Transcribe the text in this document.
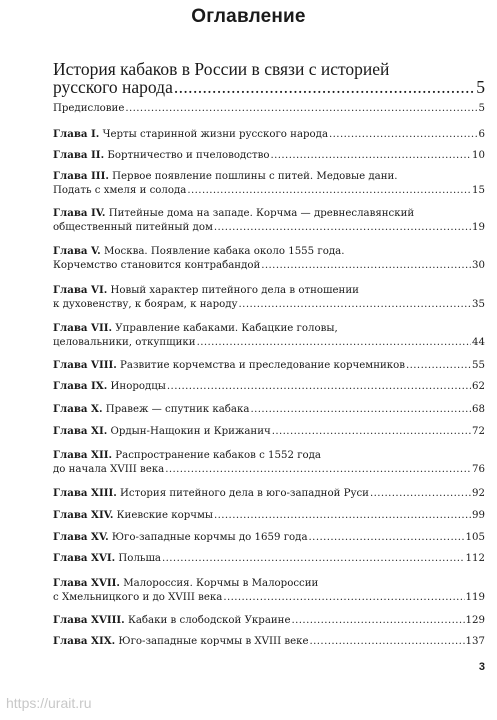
Оглавление
История кабаков в России в связи с историей
русского народа .....	5
Предисловие .....	5
Глава I.
Черты старинной жизни русского народа .....	6
Глава II.
Бортничество и пчеловодство .....	10
Глава III.
Первое появление пошлины с питей. Медовые дани.
Подать с хмеля и солода .....	15
Глава IV.
Питейные дома на западе. Корчма — древнеславянский
общественный питейный дом .....	19
Глава V.
Москва. Появление кабака около 1555 года.
Корчемство становится контрабандой .....	30
Глава VI.
Новый характер питейного дела в отношении
к духовенству, к боярам, к народу .....	35
Глава VII.
Управление кабаками. Кабацкие головы,
целовальники, откупщики .....	44
Глава VIII.
Развитие корчемства и преследование корчемников .....	55
Глава IX.
Инородцы .....	62
Глава X.
Правеж — спутник кабака .....	68
Глава XI.
Ордын-Нащокин и Крижанич .....	72
Глава XII.
Распространение кабаков с 1552 года
до начала XVIII века .....	76
Глава XIII.
История питейного дела в юго-западной Руси .....	92
Глава XIV.
Киевские корчмы .....	99
Глава XV.
Юго-западные корчмы до 1659 года .....	105
Глава XVI.
Польша .....	112
Глава XVII.
Малороссия. Корчмы в Малороссии
с Хмельницкого и до XVIII века .....	119
Глава XVIII.
Кабаки в слободской Украине .....	129
Глава XIX.
Юго-западные корчмы в XVIII веке .....	137
3
https://urait.ru
